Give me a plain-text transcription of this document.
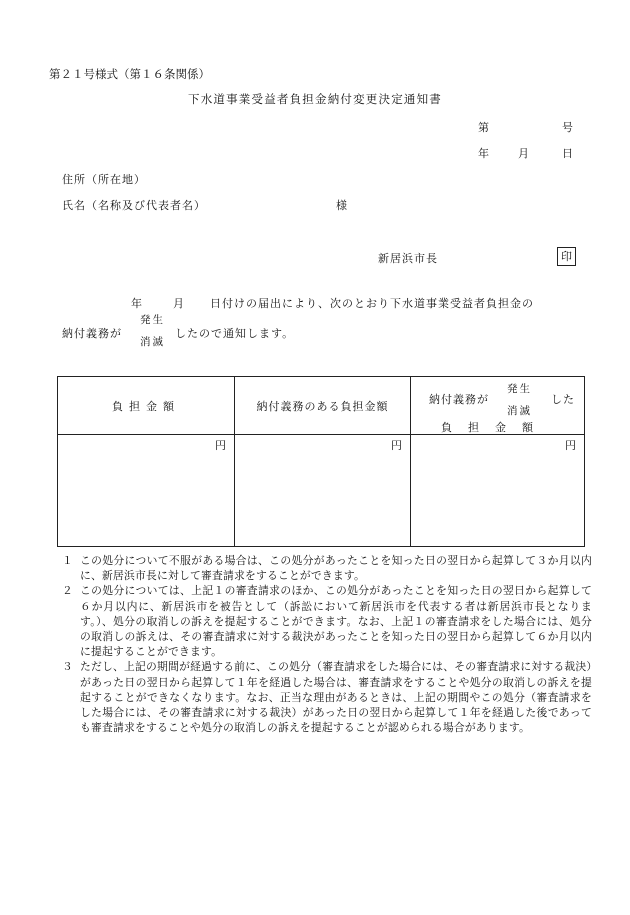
第２１号様式（第１６条関係）
下水道事業受益者負担金納付変更決定通知書
第	号
年	月	日
住所（所在地）
氏名（名称及び代表者名）	様
新居浜市長	印
年	月 日付けの届出により、次のとおり下水道事業受益者負担金の
納付義務が
発生
消滅
したので通知します。
負担金額	納付義務のある負担金額	納付義務が
発生
消滅
した
負担金額

円	円	円
１ この処分について不服がある場合は、この処分があったことを知った日の翌日から起算して３か月以内に、新居浜市長に対して審査請求をすることができます。
２ この処分については、上記１の審査請求のほか、この処分があったことを知った日の翌日から起算して６か月以内に、新居浜市を被告として（訴訟において新居浜市を代表する者は新居浜市長となります。）、処分の取消しの訴えを提起することができます。なお、上記１の審査請求をした場合には、処分の取消しの訴えは、その審査請求に対する裁決があったことを知った日の翌日から起算して６か月以内に提起することができます。
３ ただし、上記の期間が経過する前に、この処分（審査請求をした場合には、その審査請求に対する裁決）があった日の翌日から起算して１年を経過した場合は、審査請求をすることや処分の取消しの訴えを提起することができなくなります。なお、正当な理由があるときは、上記の期間やこの処分（審査請求をした場合には、その審査請求に対する裁決）があった日の翌日から起算して１年を経過した後であっても審査請求をすることや処分の取消しの訴えを提起することが認められる場合があります。
